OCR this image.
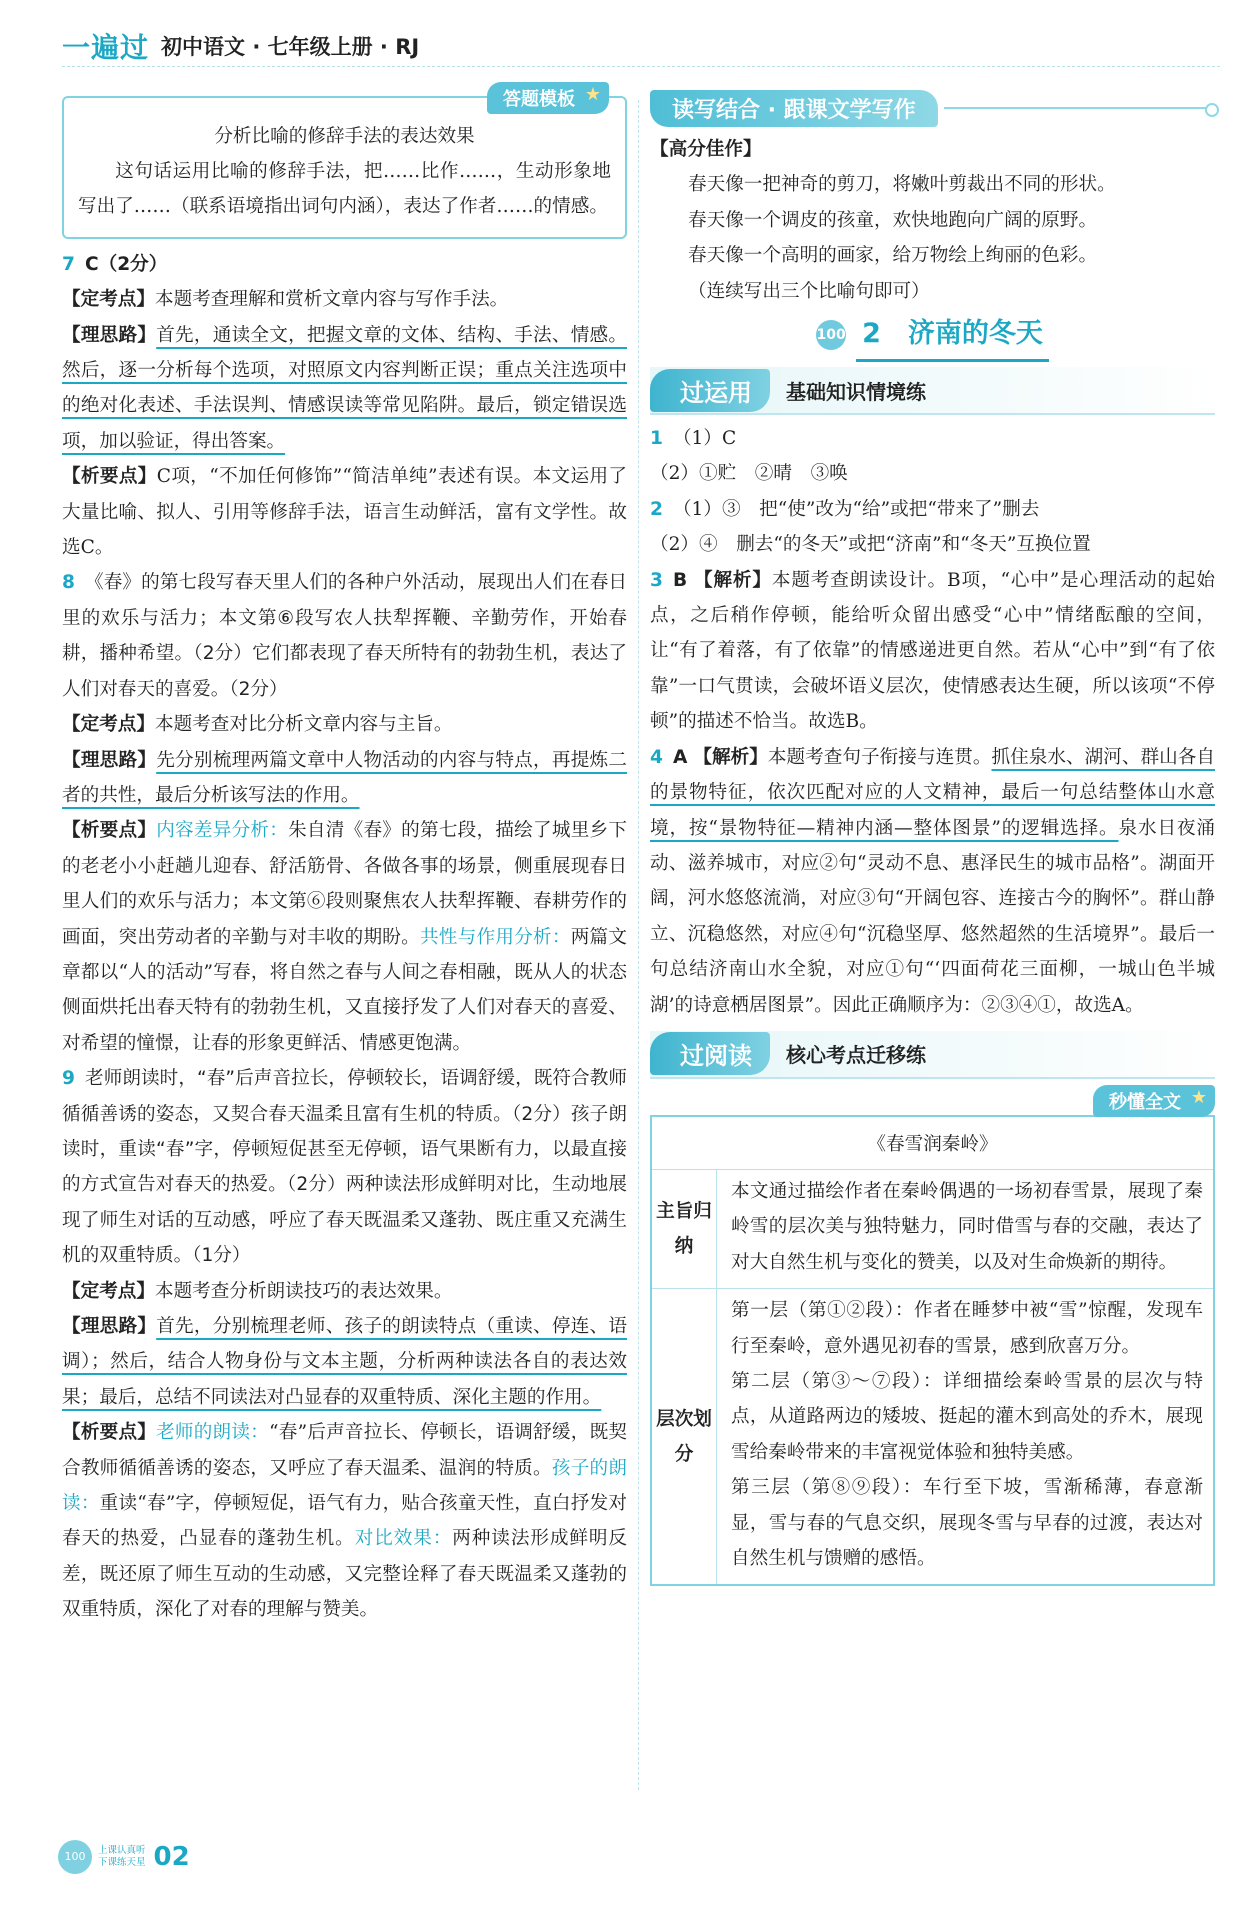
一遍过 初中语文 · 七年级上册 · RJ
答题模板 ★
分析比喻的修辞手法的表达效果

这句话运用比喻的修辞手法，把……比作……，生动形象地写出了……（联系语境指出词句内涵），表达了作者……的情感。

7 C（2分）

【定考点】本题考查理解和赏析文章内容与写作手法。

【理思路】首先，通读全文，把握文章的文体、结构、手法、情感。然后，逐一分析每个选项，对照原文内容判断正误；重点关注选项中的绝对化表述、手法误判、情感误读等常见陷阱。最后，锁定错误选项，加以验证，得出答案。

【析要点】C项，“不加任何修饰”“简洁单纯”表述有误。本文运用了大量比喻、拟人、引用等修辞手法，语言生动鲜活，富有文学性。故选C。

8 《春》的第七段写春天里人们的各种户外活动，展现出人们在春日里的欢乐与活力；本文第⑥段写农人扶犁挥鞭、辛勤劳作，开始春耕，播种希望。（2分）它们都表现了春天所特有的勃勃生机，表达了人们对春天的喜爱。（2分）

【定考点】本题考查对比分析文章内容与主旨。

【理思路】先分别梳理两篇文章中人物活动的内容与特点，再提炼二者的共性，最后分析该写法的作用。

【析要点】内容差异分析：朱自清《春》的第七段，描绘了城里乡下的老老小小赶趟儿迎春、舒活筋骨、各做各事的场景，侧重展现春日里人们的欢乐与活力；本文第⑥段则聚焦农人扶犁挥鞭、春耕劳作的画面，突出劳动者的辛勤与对丰收的期盼。共性与作用分析：两篇文章都以“人的活动”写春，将自然之春与人间之春相融，既从人的状态侧面烘托出春天特有的勃勃生机，又直接抒发了人们对春天的喜爱、对希望的憧憬，让春的形象更鲜活、情感更饱满。

9 老师朗读时，“春”后声音拉长，停顿较长，语调舒缓，既符合教师循循善诱的姿态，又契合春天温柔且富有生机的特质。（2分）孩子朗读时，重读“春”字，停顿短促甚至无停顿，语气果断有力，以最直接的方式宣告对春天的热爱。（2分）两种读法形成鲜明对比，生动地展现了师生对话的互动感，呼应了春天既温柔又蓬勃、既庄重又充满生机的双重特质。（1分）

【定考点】本题考查分析朗读技巧的表达效果。

【理思路】首先，分别梳理老师、孩子的朗读特点（重读、停连、语调）；然后，结合人物身份与文本主题，分析两种读法各自的表达效果；最后，总结不同读法对凸显春的双重特质、深化主题的作用。

【析要点】老师的朗读：“春”后声音拉长、停顿长，语调舒缓，既契合教师循循善诱的姿态，又呼应了春天温柔、温润的特质。孩子的朗读：重读“春”字，停顿短促，语气有力，贴合孩童天性，直白抒发对春天的热爱，凸显春的蓬勃生机。对比效果：两种读法形成鲜明反差，既还原了师生互动的生动感，又完整诠释了春天既温柔又蓬勃的双重特质，深化了对春的理解与赞美。

读写结合 · 跟课文学写作

【高分佳作】

春天像一把神奇的剪刀，将嫩叶剪裁出不同的形状。

春天像一个调皮的孩童，欢快地跑向广阔的原野。

春天像一个高明的画家，给万物绘上绚丽的色彩。

（连续写出三个比喻句即可）

100 2　济南的冬天
过运用	基础知识情境练

1 （1）C

（2）①贮　②晴　③唤

2 （1）③　把“使”改为“给”或把“带来了”删去

（2）④　删去“的冬天”或把“济南”和“冬天”互换位置

3 B 【解析】本题考查朗读设计。B项，“心中”是心理活动的起始点，之后稍作停顿，能给听众留出感受“心中”情绪酝酿的空间，让“有了着落，有了依靠”的情感递进更自然。若从“心中”到“有了依靠”一口气贯读，会破坏语义层次，使情感表达生硬，所以该项“不停顿”的描述不恰当。故选B。

4 A 【解析】本题考查句子衔接与连贯。抓住泉水、湖河、群山各自的景物特征，依次匹配对应的人文精神，最后一句总结整体山水意境，按“景物特征—精神内涵—整体图景”的逻辑选择。泉水日夜涌动、滋养城市，对应②句“灵动不息、惠泽民生的城市品格”。湖面开阔，河水悠悠流淌，对应③句“开阔包容、连接古今的胸怀”。群山静立、沉稳悠然，对应④句“沉稳坚厚、悠然超然的生活境界”。最后一句总结济南山水全貌，对应①句“‘四面荷花三面柳，一城山色半城湖’的诗意栖居图景”。因此正确顺序为：②③④①，故选A。

过阅读	核心考点迁移练
秒懂全文 ★
《春雪润秦岭》	
主旨归纳	本文通过描绘作者在秦岭偶遇的一场初春雪景，展现了秦岭雪的层次美与独特魅力，同时借雪与春的交融，表达了对大自然生机与变化的赞美，以及对生命焕新的期待。
层次划分	第一层（第①②段）：作者在睡梦中被“雪”惊醒，发现车行至秦岭，意外遇见初春的雪景，感到欣喜万分。
第二层（第③～⑦段）：详细描绘秦岭雪景的层次与特点，从道路两边的矮坡、挺起的灌木到高处的乔木，展现雪给秦岭带来的丰富视觉体验和独特美感。
第三层（第⑧⑨段）：车行至下坡，雪渐稀薄，春意渐显，雪与春的气息交织，展现冬雪与早春的过渡，表达对自然生机与馈赠的感悟。
100	上课认真听
下课练天星 02
